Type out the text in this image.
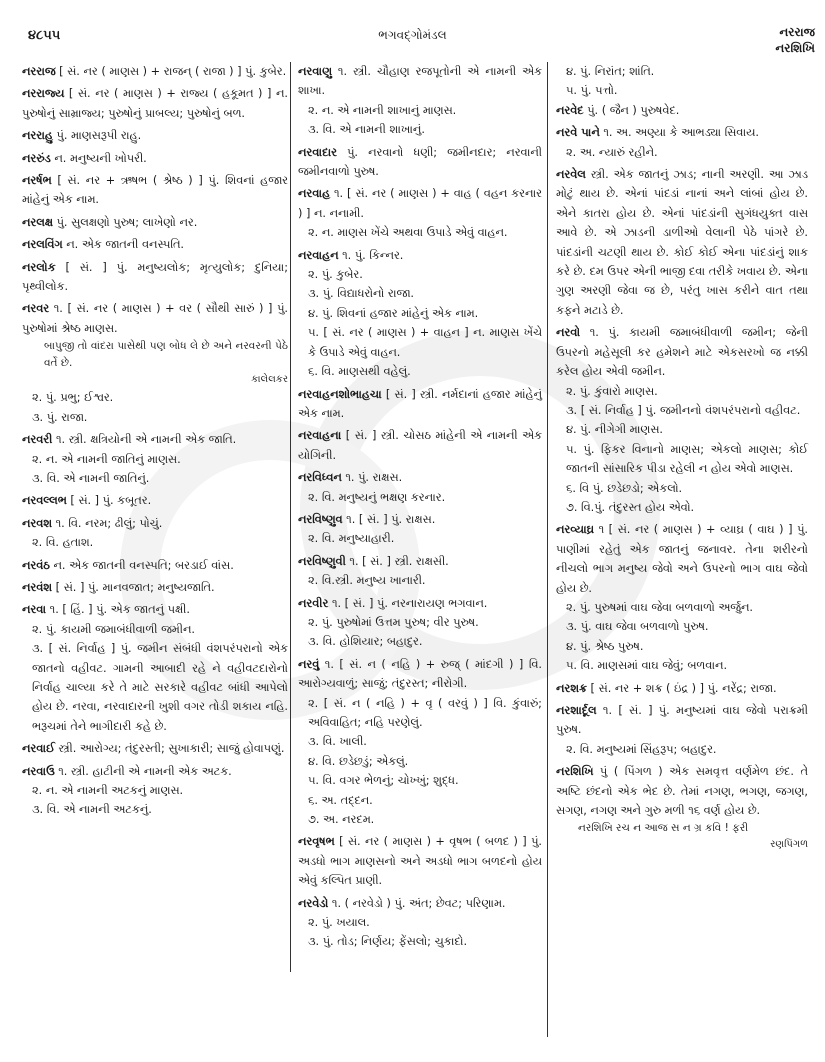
૪૮૫૫	ભગવદ્ગોમંડલ	નરરાજ
નરશિખિ
નરરાજ [ સં. નર ( માણસ ) + રાજન્ ( રાજા ) ] પું. કુબેર.
નરરાજ્ય [ સં. નર ( માણસ ) + રાજ્ય ( હકૂમત ) ] ન. પુરુષોનું સામ્રાજ્ય; પુરુષોનું પ્રાબલ્ય; પુરુષોનું બળ.
નરરાહુ પું. માણસરૂપી રાહુ.
નરરુંડ ન. મનુષ્યની ખોપરી.
નરર્ષભ [ સં. નર + ઋષભ ( શ્રેષ્ઠ ) ] પું. શિવનાં હજાર માંહેનું એક નામ.
નરલક્ષ પું. સુલક્ષણો પુરુષ; લાખેણો નર.
નરલવિંગ ન. એક જાતની વનસ્પતિ.
નરલોક [ સં. ] પું. મનુષ્યલોક; મૃત્યુલોક; દુનિયા; પૃથ્વીલોક.
નરવર ૧. [ સં. નર ( માણસ ) + વર ( સૌથી સારું ) ] પું. પુરુષોમાં શ્રેષ્ઠ માણસ.
બાપુજી તો વાંદરા પાસેથી પણ બોધ લે છે અને નરવરની પેઠે વર્તે છે.
કાલેલકર
૨. પું. પ્રભુ; ઈશ્વર.
૩. પું. રાજા.
નરવરી ૧. સ્ત્રી. ક્ષત્રિયોની એ નામની એક જાતિ.
૨. ન. એ નામની જાતિનું માણસ.
૩. વિ. એ નામની જાતિનું.
નરવલ્લભ [ સં. ] પું. કબૂતર.
નરવશ ૧. વિ. નરમ; ઢીલું; પોચું.
૨. વિ. હતાશ.
નરવંઠ ન. એક જાતની વનસ્પતિ; બરડાઈ વાંસ.
નરવંશ [ સં. ] પું. માનવજાત; મનુષ્યજાતિ.
નરવા ૧. [ હિં. ] પું. એક જાતનું પક્ષી.
૨. પું. કાયમી જમાબંધીવાળી જમીન.
૩. [ સં. નિર્વાહ ] પું. જમીન સંબંધી વંશપરંપરાનો એક જાતનો વહીવટ. ગામની આબાદી રહે ને વહીવટદારોનો નિર્વાહ ચાલ્યા કરે તે માટે સરકારે વહીવટ બાંધી આપેલો હોય છે. નરવા, નરવાદારની ખુશી વગર તોડી શકાય નહિ. ભરૂચમાં તેને ભાગીદારી કહે છે.
નરવાઈ સ્ત્રી. આરોગ્ય; તંદુરસ્તી; સુખાકારી; સાજું હોવાપણું.
નરવાઉ ૧. સ્ત્રી. હાટીની એ નામની એક અટક.
૨. ન. એ નામની અટકનું માણસ.
૩. વિ. એ નામની અટકનું.
નરવાણુ ૧. સ્ત્રી. ચૌહાણ રજપૂતોની એ નામની એક શાખા.
૨. ન. એ નામની શાખાનું માણસ.
૩. વિ. એ નામની શાખાનું.
નરવાદાર પું. નરવાનો ધણી; જમીનદાર; નરવાની જમીનવાળો પુરુષ.
નરવાહ ૧. [ સં. નર ( માણસ ) + વાહ ( વહન કરનાર ) ] ન. નનામી.
૨. ન. માણસ ખેંચે અથવા ઉપાડે એવું વાહન.
નરવાહન ૧. પું. કિન્નર.
૨. પું. કુબેર.
૩. પું. વિદ્યાધરોનો રાજા.
૪. પું. શિવનાં હજાર માંહેનું એક નામ.
૫. [ સં. નર ( માણસ ) + વાહન ] ન. માણસ ખેંચે કે ઉપાડે એવું વાહન.
૬. વિ. માણસથી વહેલું.
નરવાહનશોભાહચા [ સં. ] સ્ત્રી. નર્મદાનાં હજાર માંહેનું એક નામ.
નરવાહના [ સં. ] સ્ત્રી. ચોસઠ માંહેની એ નામની એક યોગિની.
નરવિધ્વન ૧. પું. રાક્ષસ.
૨. વિ. મનુષ્યનું ભક્ષણ કરનાર.
નરવિષ્ણુવ ૧. [ સં. ] પું. રાક્ષસ.
૨. વિ. મનુષ્યાહારી.
નરવિષ્ણુવી ૧. [ સં. ] સ્ત્રી. રાક્ષસી.
૨. વિ.સ્ત્રી. મનુષ્ય ખાનારી.
નરવીર ૧. [ સં. ] પું. નરનારાયણ ભગવાન.
૨. પું. પુરુષોમાં ઉત્તમ પુરુષ; વીર પુરુષ.
૩. વિ. હોશિયાર; બહાદુર.
નરવું ૧. [ સં. ન ( નહિ ) + રુજ્ ( માંદગી ) ] વિ. આરોગ્યવાળું; સાજું; તંદુરસ્ત; નીરોગી.
૨. [ સં. ન ( નહિ ) + વૃ ( વરવું ) ] વિ. કુંવારું; અવિવાહિત; નહિ પરણેલું.
૩. વિ. ખાલી.
૪. વિ. છડેછડું; એકલું.
૫. વિ. વગર ભેળનું; ચોખ્ખું; શુદ્ધ.
૬. અ. તદ્દન.
૭. અ. નરદમ.
નરવૃષભ [ સં. નર ( માણસ ) + વૃષભ ( બળદ ) ] પું. અડધો ભાગ માણસનો અને અડધો ભાગ બળદનો હોય એવું કલ્પિત પ્રાણી.
નરવેડો ૧. ( નરવેડો ) પું. અંત; છેવટ; પરિણામ.
૨. પું. ખયાલ.
૩. પું. તોડ; નિર્ણય; ફેંસલો; ચુકાદો.
૪. પું. નિરાંત; શાંતિ.
૫. પું. પત્તો.
નરવેદ પું. ( જૈન ) પુરુષવેદ.
નરવે પાને ૧. અ. અણ્યા કે આભડ્યા સિવાય.
૨. અ. ન્યારું રહીને.
નરવેલ સ્ત્રી. એક જાતનું ઝાડ; નાની અરણી. આ ઝાડ મોટું થાય છે. એનાં પાંદડાં નાનાં અને લાંબાં હોય છે. એને કાતરા હોય છે. એનાં પાંદડાંની સુગંધયુક્ત વાસ આવે છે. એ ઝાડની ડાળીઓ વેલાની પેઠે પાંગરે છે. પાંદડાંની ચટણી થાય છે. કોઈ કોઈ એના પાંદડાંનું શાક કરે છે. દમ ઉપર એની ભાજી દવા તરીકે ખવાય છે. એના ગુણ અરણી જેવા જ છે, પરંતુ ખાસ કરીને વાત તથા કફને મટાડે છે.
નરવો ૧. પું. કાયમી જમાબંધીવાળી જમીન; જેની ઉપરનો મહેસૂલી કર હમેશને માટે એકસરખો જ નક્કી કરેલ હોય એવી જમીન.
૨. પું. કુંવારો માણસ.
૩. [ સં. નિર્વાહ ] પું. જમીનનો વંશપરંપરાનો વહીવટ.
૪. પું. નીગેગી માણસ.
૫. પું. ફિકર વિનાનો માણસ; એકલો માણસ; કોઈ જાતની સાંસારિક પીડા રહેલી ન હોય એવો માણસ.
૬. વિ પું. છડેછડો; એકલો.
૭. વિ.પું. તંદુરસ્ત હોય એવો.
નરવ્યાઘ્ર ૧ [ સં. નર ( માણસ ) + વ્યાઘ્ર ( વાઘ ) ] પું. પાણીમાં રહેતું એક જાતનું જનાવર. તેના શરીરનો નીચલો ભાગ મનુષ્ય જેવો અને ઉપરનો ભાગ વાઘ જેવો હોય છે.
૨. પું. પુરુષમાં વાઘ જેવા બળવાળો અર્જુન.
૩. પું. વાઘ જેવા બળવાળો પુરુષ.
૪. પું. શ્રેષ્ઠ પુરુષ.
૫. વિ. માણસમાં વાઘ જેવું; બળવાન.
નરશક્ર [ સં. નર + શક્ર ( ઇંદ્ર ) ] પું. નરેંદ્ર; રાજા.
નરશાર્દૂલ ૧. [ સં. ] પું. મનુષ્યમાં વાઘ જેવો પરાક્રમી પુરુષ.
૨. વિ. મનુષ્યમાં સિંહરૂપ; બહાદુર.
નરશિખિ પું ( પિંગળ ) એક સમવૃત્ત વર્ણમેળ છંદ. તે અષ્ટિ છંદનો એક ભેદ છે. તેમાં નગણ, ભગણ, જગણ, સગણ, નગણ અને ગુરુ મળી ૧૬ વર્ણ હોય છે.
નરશિખિ રચ ન આજ સ ન ગ્ર કવિ ! ફરી
રણપિંગળ
